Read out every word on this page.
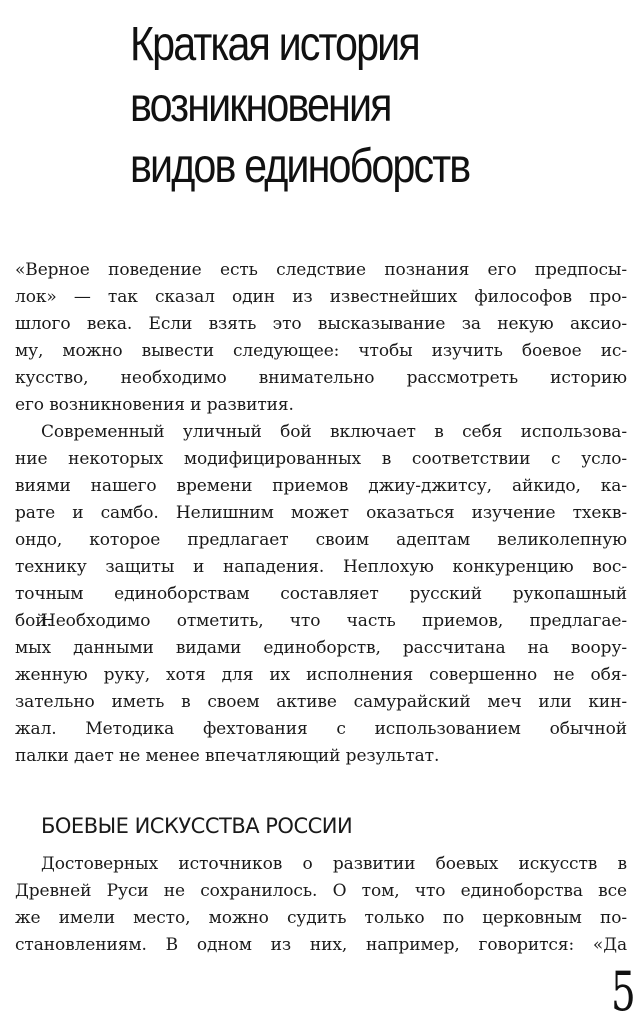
Краткая история
возникновения
видов единоборств
«Верное поведение есть следствие познания его предпосы-
лок» — так сказал один из известнейших философов про-
шлого века. Если взять это высказывание за некую аксио-
му, можно вывести следующее: чтобы изучить боевое ис-
кусство, необходимо внимательно рассмотреть историю
его возникновения и развития.
Современный уличный бой включает в себя использова-
ние некоторых модифицированных в соответствии с усло-
виями нашего времени приемов джиу-джитсу, айкидо, ка-
рате и самбо. Нелишним может оказаться изучение тхекв-
ондо, которое предлагает своим адептам великолепную
технику защиты и нападения. Неплохую конкуренцию вос-
точным единоборствам составляет русский рукопашный
бой.
Необходимо отметить, что часть приемов, предлагае-
мых данными видами единоборств, рассчитана на воору-
женную руку, хотя для их исполнения совершенно не обя-
зательно иметь в своем активе самурайский меч или кин-
жал. Методика фехтования с использованием обычной
палки дает не менее впечатляющий результат.
БОЕВЫЕ ИСКУССТВА РОССИИ
Достоверных источников о развитии боевых искусств в
Древней Руси не сохранилось. О том, что единоборства все
же имели место, можно судить только по церковным по-
становлениям. В одном из них, например, говорится: «Да
5
